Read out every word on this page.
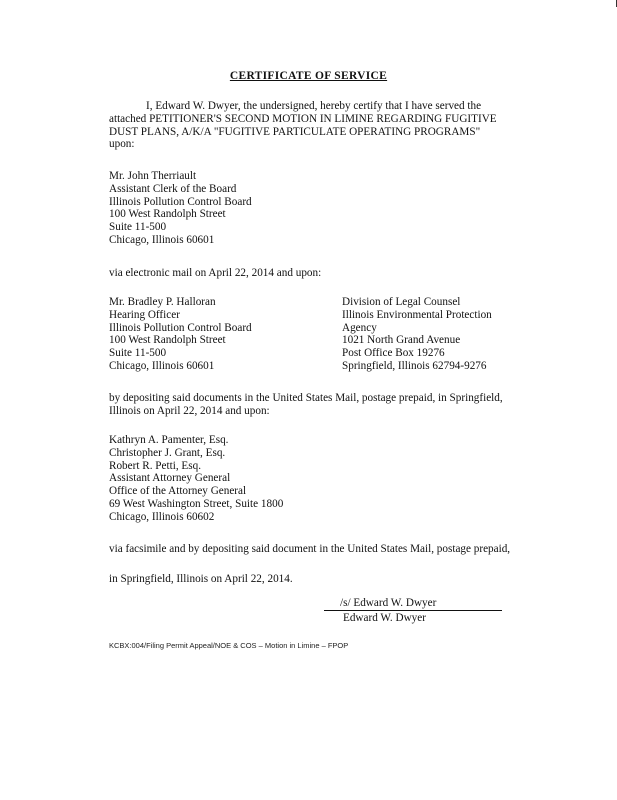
CERTIFICATE OF SERVICE
I, Edward W. Dwyer, the undersigned, hereby certify that I have served the
attached PETITIONER'S SECOND MOTION IN LIMINE REGARDING FUGITIVE
DUST PLANS, A/K/A "FUGITIVE PARTICULATE OPERATING PROGRAMS"
upon:
Mr. John Therriault
Assistant Clerk of the Board
Illinois Pollution Control Board
100 West Randolph Street
Suite 11-500
Chicago, Illinois 60601
via electronic mail on April 22, 2014 and upon:
Mr. Bradley P. Halloran
Hearing Officer
Illinois Pollution Control Board
100 West Randolph Street
Suite 11-500
Chicago, Illinois 60601
Division of Legal Counsel
Illinois Environmental Protection
Agency
1021 North Grand Avenue
Post Office Box 19276
Springfield, Illinois 62794-9276
by depositing said documents in the United States Mail, postage prepaid, in Springfield,
Illinois on April 22, 2014 and upon:
Kathryn A. Pamenter, Esq.
Christopher J. Grant, Esq.
Robert R. Petti, Esq.
Assistant Attorney General
Office of the Attorney General
69 West Washington Street, Suite 1800
Chicago, Illinois 60602
via facsimile and by depositing said document in the United States Mail, postage prepaid,
in Springfield, Illinois on April 22, 2014.
/s/ Edward W. Dwyer
Edward W. Dwyer
KCBX:004/Filing Permit Appeal/NOE & COS – Motion in Limine – FPOP
